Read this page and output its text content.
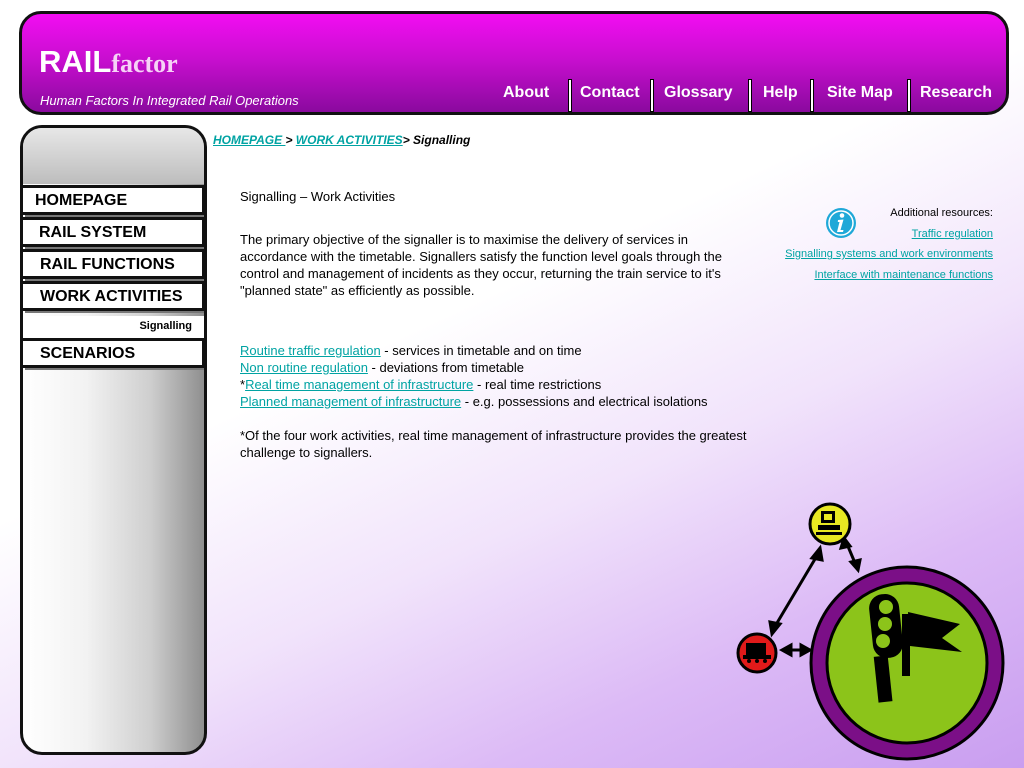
RAILfactor
Human Factors In Integrated Rail Operations	About Contact Glossary Help Site Map Research
HOMEPAGE
RAIL SYSTEM
RAIL FUNCTIONS
WORK ACTIVITIES
Signalling
SCENARIOS
HOMEPAGE > WORK ACTIVITIES> Signalling
Signalling – Work Activities
The primary objective of the signaller is to maximise the delivery of services in accordance with the timetable. Signallers satisfy the function level goals through the control and management of incidents as they occur, returning the train service to it's "planned state" as efficiently as possible.
Routine traffic regulation - services in timetable and on time
Non routine regulation - deviations from timetable
*Real time management of infrastructure - real time restrictions
Planned management of infrastructure - e.g. possessions and electrical isolations
*Of the four work activities, real time management of infrastructure provides the greatest challenge to signallers.
Additional resources:
Traffic regulation
Signalling systems and work environments
Interface with maintenance functions
